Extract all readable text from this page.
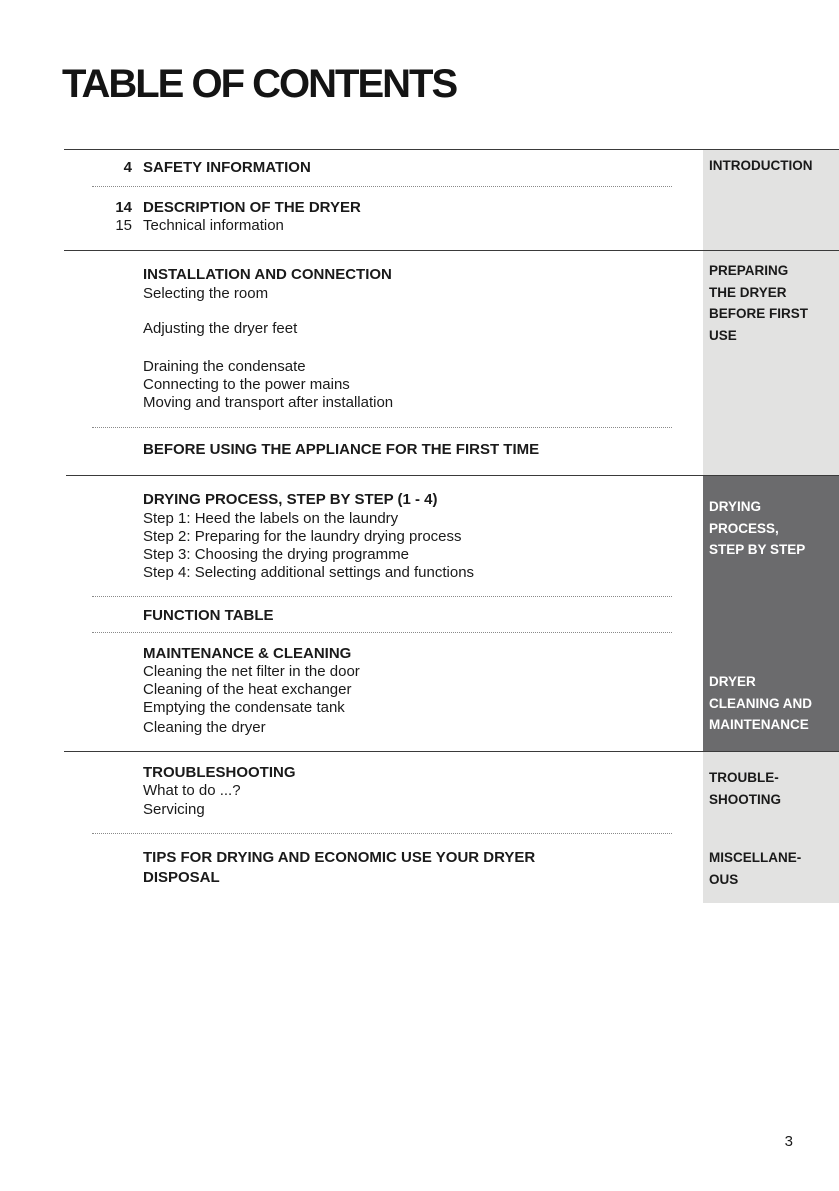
TABLE OF CONTENTS
INTRODUCTION
PREPARING
THE DRYER
BEFORE FIRST
USE
DRYING
PROCESS,
STEP BY STEP
DRYER
CLEANING AND
MAINTENANCE
TROUBLE-
SHOOTING
MISCELLANE-
OUS
4 SAFETY INFORMATION
14 DESCRIPTION OF THE DRYER
15 Technical information
INSTALLATION AND CONNECTION
Selecting the room
Adjusting the dryer feet
Draining the condensate
Connecting to the power mains
Moving and transport after installation
BEFORE USING THE APPLIANCE FOR THE FIRST TIME
DRYING PROCESS, STEP BY STEP (1 - 4)
Step 1: Heed the labels on the laundry
Step 2: Preparing for the laundry drying process
Step 3: Choosing the drying programme
Step 4: Selecting additional settings and functions
FUNCTION TABLE
MAINTENANCE & CLEANING
Cleaning the net filter in the door
Cleaning of the heat exchanger
Emptying the condensate tank
Cleaning the dryer
TROUBLESHOOTING
What to do ...?
Servicing
TIPS FOR DRYING AND ECONOMIC USE YOUR DRYER
DISPOSAL
3
